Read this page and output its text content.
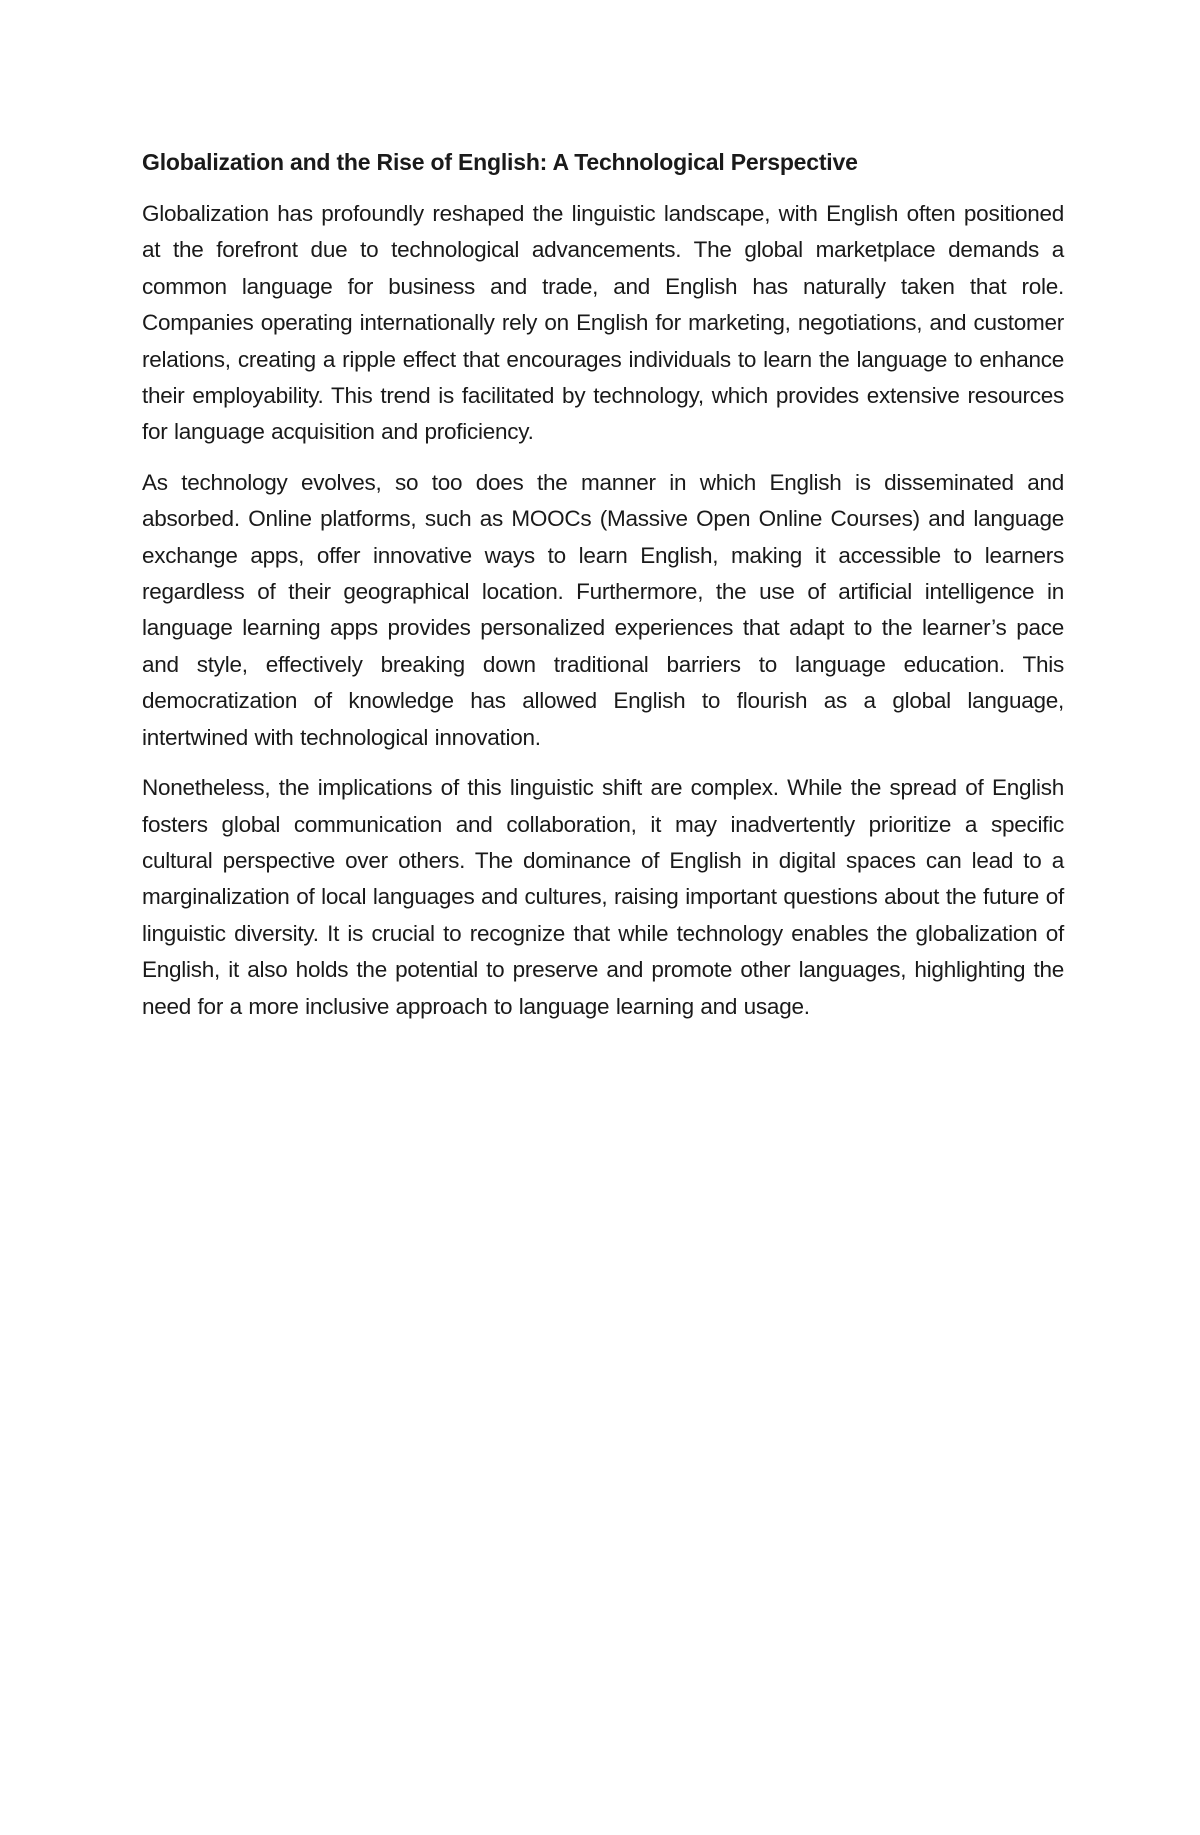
Globalization and the Rise of English: A Technological Perspective

Globalization has profoundly reshaped the linguistic landscape, with English often positioned at the forefront due to technological advancements. The global marketplace demands a common language for business and trade, and English has naturally taken that role. Companies operating internationally rely on English for marketing, negotiations, and customer relations, creating a ripple effect that encourages individuals to learn the language to enhance their employability. This trend is facilitated by technology, which provides extensive resources for language acquisition and proficiency.

As technology evolves, so too does the manner in which English is disseminated and absorbed. Online platforms, such as MOOCs (Massive Open Online Courses) and language exchange apps, offer innovative ways to learn English, making it accessible to learners regardless of their geographical location. Furthermore, the use of artificial intelligence in language learning apps provides personalized experiences that adapt to the learner’s pace and style, effectively breaking down traditional barriers to language education. This democratization of knowledge has allowed English to flourish as a global language, intertwined with technological innovation.

Nonetheless, the implications of this linguistic shift are complex. While the spread of English fosters global communication and collaboration, it may inadvertently prioritize a specific cultural perspective over others. The dominance of English in digital spaces can lead to a marginalization of local languages and cultures, raising important questions about the future of linguistic diversity. It is crucial to recognize that while technology enables the globalization of English, it also holds the potential to preserve and promote other languages, highlighting the need for a more inclusive approach to language learning and usage.
